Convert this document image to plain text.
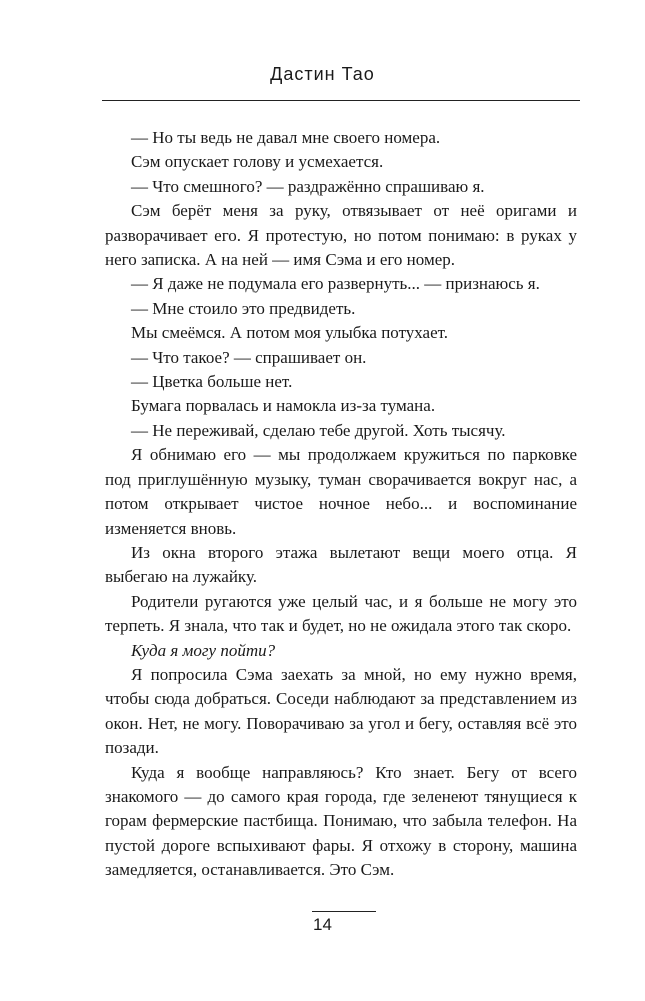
Дастин Тао

— Но ты ведь не давал мне своего номера.

Сэм опускает голову и усмехается.

— Что смешного? — раздражённо спрашиваю я.

Сэм берёт меня за руку, отвязывает от неё оригами и разворачивает его. Я протестую, но потом понимаю: в руках у него записка. А на ней — имя Сэма и его номер.

— Я даже не подумала его развернуть... — признаюсь я.

— Мне стоило это предвидеть.

Мы смеёмся. А потом моя улыбка потухает.

— Что такое? — спрашивает он.

— Цветка больше нет.

Бумага порвалась и намокла из-за тумана.

— Не переживай, сделаю тебе другой. Хоть тысячу.

Я обнимаю его — мы продолжаем кружиться по парковке под приглушённую музыку, туман сворачивается вокруг нас, а потом открывает чистое ночное небо... и воспоминание изменяется вновь.

Из окна второго этажа вылетают вещи моего отца. Я выбегаю на лужайку.

Родители ругаются уже целый час, и я больше не могу это терпеть. Я знала, что так и будет, но не ожидала этого так скоро.

Куда я могу пойти?

Я попросила Сэма заехать за мной, но ему нужно время, чтобы сюда добраться. Соседи наблюдают за представлением из окон. Нет, не могу. Поворачиваю за угол и бегу, оставляя всё это позади.

Куда я вообще направляюсь? Кто знает. Бегу от всего знакомого — до самого края города, где зеленеют тянущиеся к горам фермерские пастбища. Понимаю, что забыла телефон. На пустой дороге вспыхивают фары. Я отхожу в сторону, машина замедляется, останавливается. Это Сэм.

14
